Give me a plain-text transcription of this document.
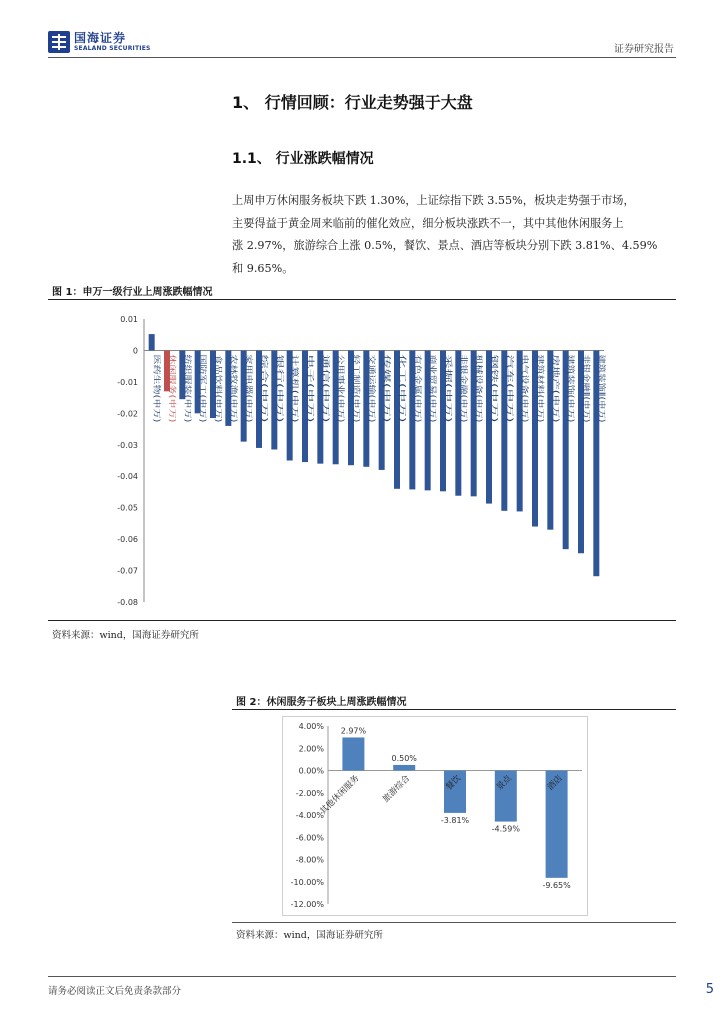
国海证券
SEALAND SECURITIES	证券研究报告
1、 行情回顾：行业走势强于大盘
1.1、 行业涨跌幅情况
上周申万休闲服务板块下跌 1.30%，上证综指下跌 3.55%，板块走势强于市场，
主要得益于黄金周来临前的催化效应，细分板块涨跌不一，其中其他休闲服务上
涨 2.97%，旅游综合上涨 0.5%，餐饮、景点、酒店等板块分别下跌 3.81%、4.59%
和 9.65%。
图 1：申万一级行业上周涨跌幅情况
0.01
0
-0.01
-0.02
-0.03
-0.04
-0.05
-0.06
-0.07
-0.08
医药生物(申万) 休闲服务(申万) 纺织服装(申万) 国防军工(申万) 食品饮料(申万) 农林牧渔(申万) 家用电器(申万) 综合(申万) 银行(申万) 计算机(申万) 电子(申万) 通信(申万) 公用事业(申万) 轻工制造(申万) 交通运输(申万) 传媒(申万) 化工(申万) 有色金属(申万) 商业贸易(申万) 采掘(申万) 非银金融(申万) 机械设备(申万) 钢铁(申万) 汽车(申万) 电气设备(申万) 建筑材料(申万) 房地产(申万) 建筑装饰(申万) 非银金融Ⅱ(申万) 建筑装饰Ⅱ(申万)
资料来源：wind，国海证券研究所
图 2：休闲服务子板块上周涨跌幅情况
4.00%
2.00%
0.00%
-2.00%
-4.00%
-6.00%
-8.00%
-10.00%
-12.00%
2.97%
其他休闲服务
0.50%
旅游综合
-3.81%
餐饮
-4.59%
景点
-9.65%
酒店
资料来源：wind，国海证券研究所
请务必阅读正文后免责条款部分	5
